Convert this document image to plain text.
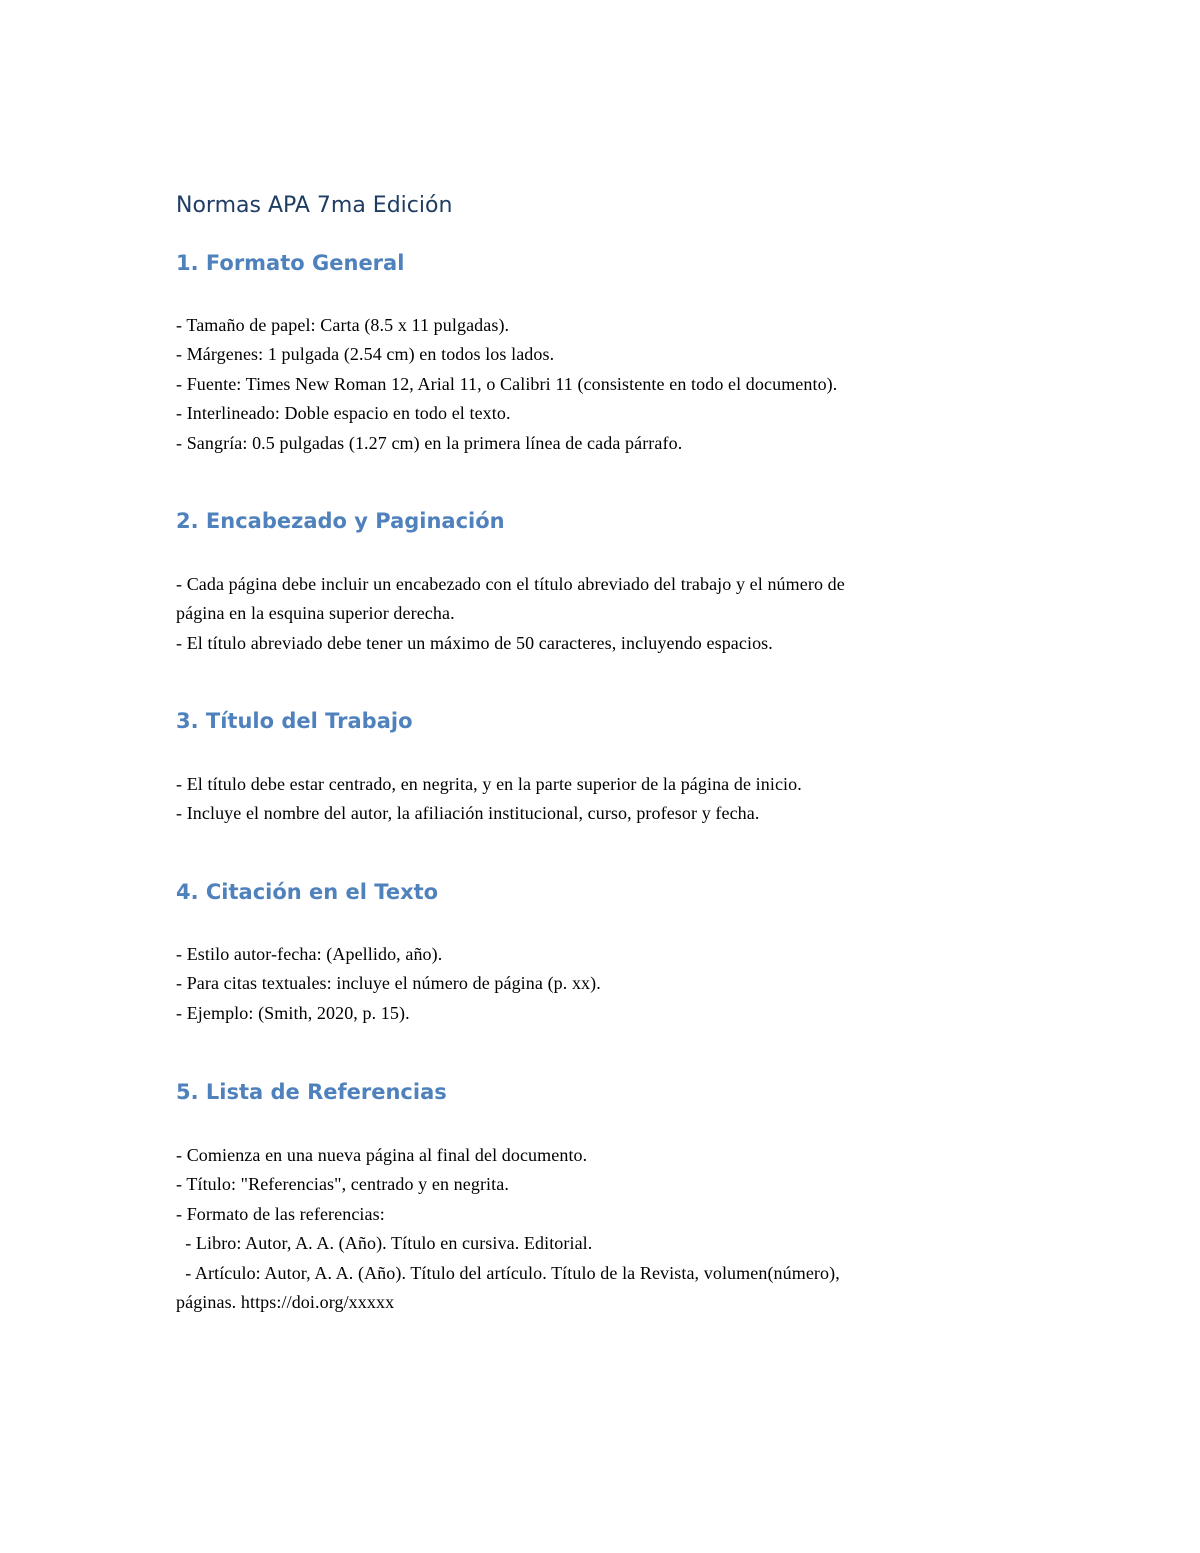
Normas APA 7ma Edición
1. Formato General
- Tamaño de papel: Carta (8.5 x 11 pulgadas).
- Márgenes: 1 pulgada (2.54 cm) en todos los lados.
- Fuente: Times New Roman 12, Arial 11, o Calibri 11 (consistente en todo el documento).
- Interlineado: Doble espacio en todo el texto.
- Sangría: 0.5 pulgadas (1.27 cm) en la primera línea de cada párrafo.
2. Encabezado y Paginación
- Cada página debe incluir un encabezado con el título abreviado del trabajo y el número de
página en la esquina superior derecha.
- El título abreviado debe tener un máximo de 50 caracteres, incluyendo espacios.
3. Título del Trabajo
- El título debe estar centrado, en negrita, y en la parte superior de la página de inicio.
- Incluye el nombre del autor, la afiliación institucional, curso, profesor y fecha.
4. Citación en el Texto
- Estilo autor-fecha: (Apellido, año).
- Para citas textuales: incluye el número de página (p. xx).
- Ejemplo: (Smith, 2020, p. 15).
5. Lista de Referencias
- Comienza en una nueva página al final del documento.
- Título: "Referencias", centrado y en negrita.
- Formato de las referencias:
- Libro: Autor, A. A. (Año). Título en cursiva. Editorial.
- Artículo: Autor, A. A. (Año). Título del artículo. Título de la Revista, volumen(número),
páginas. https://doi.org/xxxxx
